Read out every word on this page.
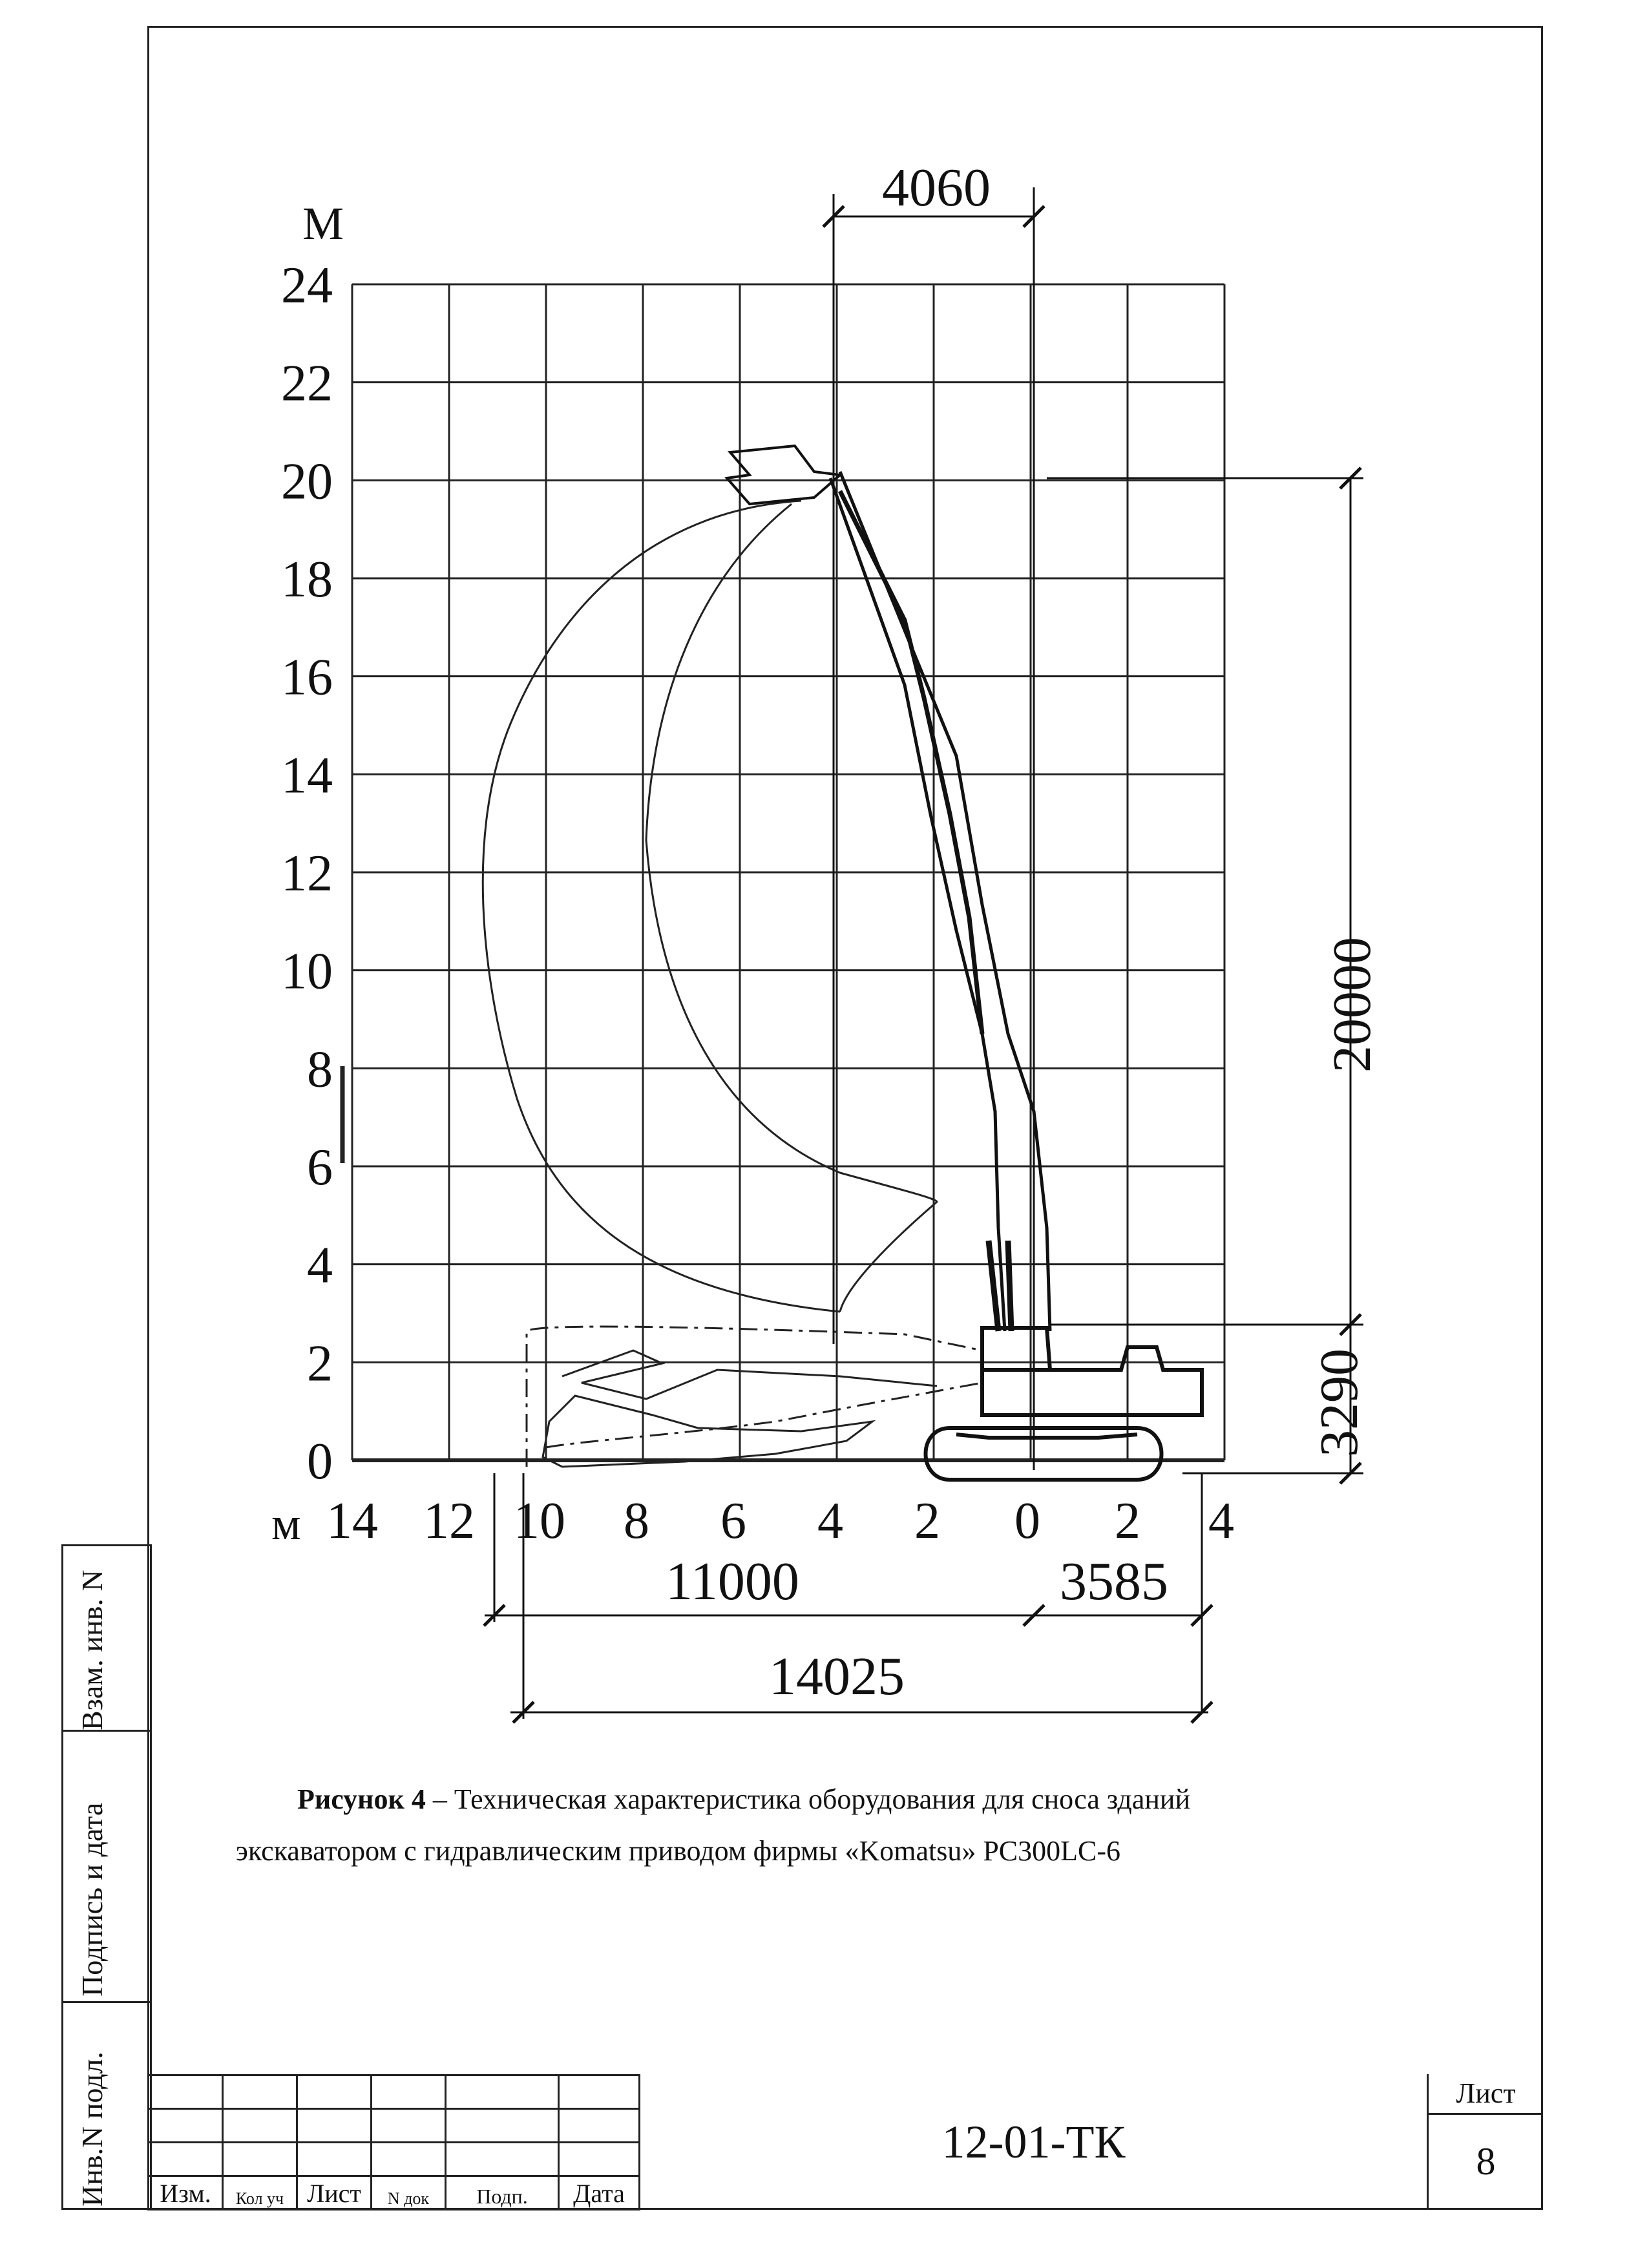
М
м
0
2
4
6
8
10
12
14
16
18
20
22
24
14 12 10 8 6 4 2 0 2 4
4060
20000
3290
11000	3585
14025
Рисунок 4 – Техническая характеристика оборудования для сноса зданий
экскаватором с гидравлическим приводом фирмы «Komatsu» PC300LC-6
Взам. инв. N
Подпись и дата
Инв.N подл.

					Изм.	Кол уч	Лист	N док	Подп.	Дата
12-01-ТК
Лист
8
